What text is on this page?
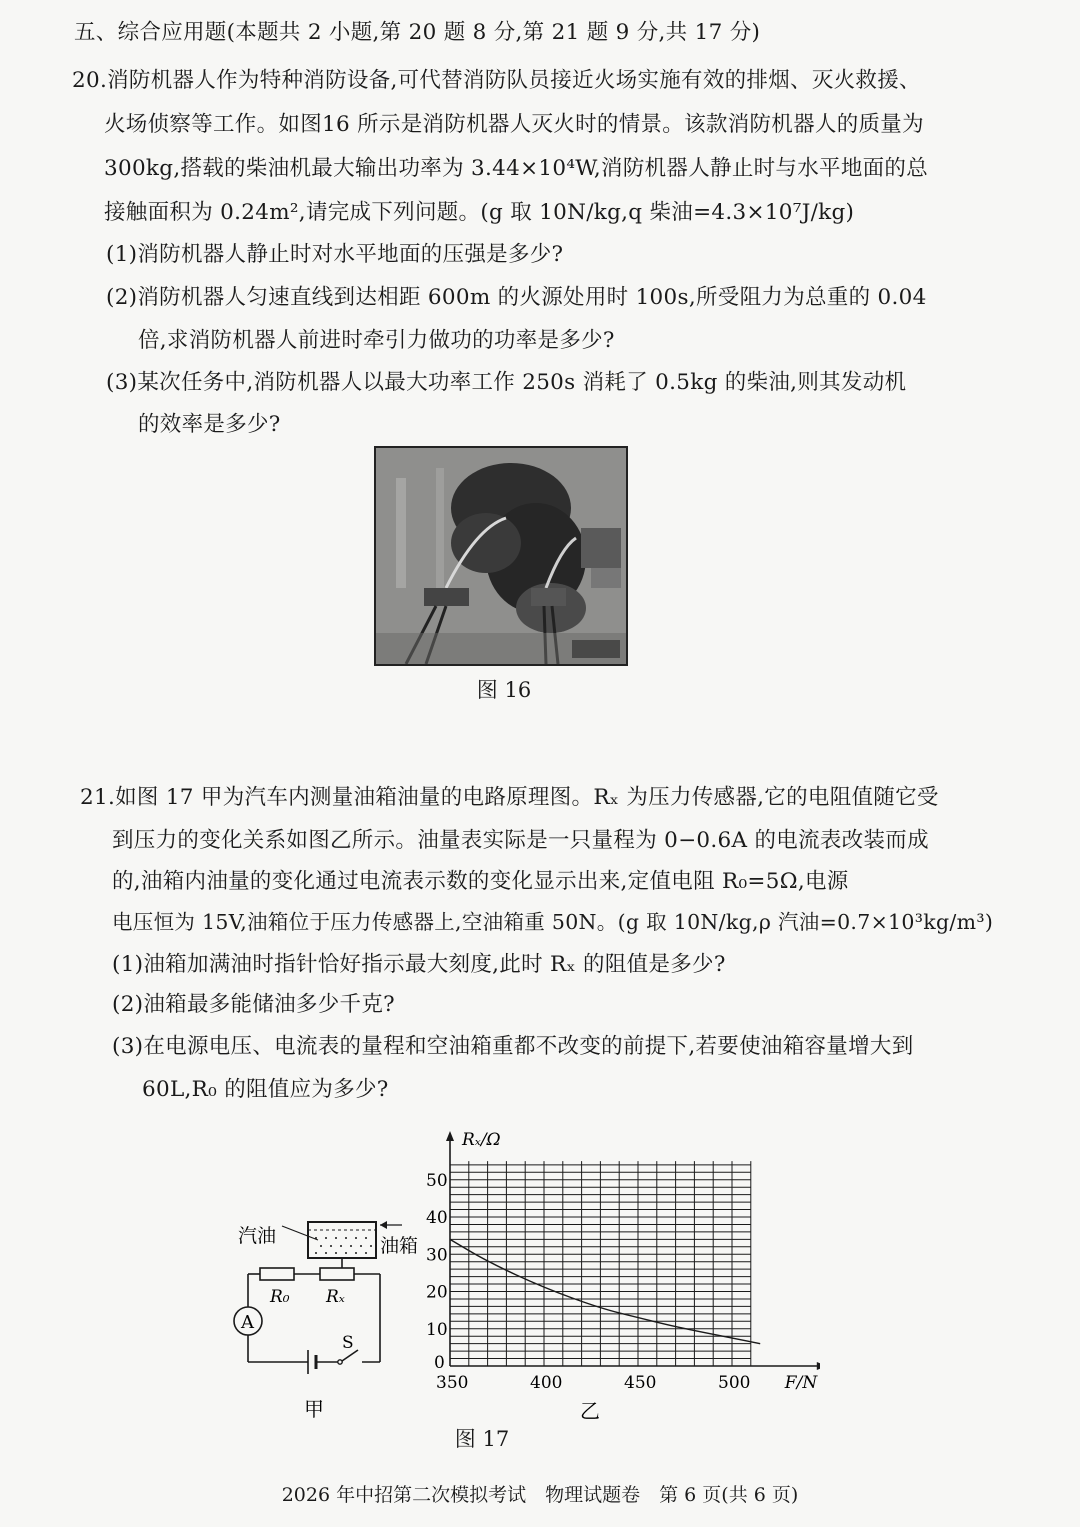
五、综合应用题(本题共 2 小题,第 20 题 8 分,第 21 题 9 分,共 17 分)
20.消防机器人作为特种消防设备,可代替消防队员接近火场实施有效的排烟、灭火救援、
火场侦察等工作。如图16 所示是消防机器人灭火时的情景。该款消防机器人的质量为
300kg,搭载的柴油机最大输出功率为 3.44×10⁴W,消防机器人静止时与水平地面的总
接触面积为 0.24m²,请完成下列问题。(g 取 10N/kg,q 柴油=4.3×10⁷J/kg)
(1)消防机器人静止时对水平地面的压强是多少?
(2)消防机器人匀速直线到达相距 600m 的火源处用时 100s,所受阻力为总重的 0.04
倍,求消防机器人前进时牵引力做功的功率是多少?
(3)某次任务中,消防机器人以最大功率工作 250s 消耗了 0.5kg 的柴油,则其发动机
的效率是多少?
图 16
21.如图 17 甲为汽车内测量油箱油量的电路原理图。Rₓ 为压力传感器,它的电阻值随它受
到压力的变化关系如图乙所示。油量表实际是一只量程为 0−0.6A 的电流表改装而成
的,油箱内油量的变化通过电流表示数的变化显示出来,定值电阻 R₀=5Ω,电源
电压恒为 15V,油箱位于压力传感器上,空油箱重 50N。(g 取 10N/kg,ρ 汽油=0.7×10³kg/m³)
(1)油箱加满油时指针恰好指示最大刻度,此时 Rₓ 的阻值是多少?
(2)油箱最多能储油多少千克?
(3)在电源电压、电流表的量程和空油箱重都不改变的前提下,若要使油箱容量增大到
60L,R₀ 的阻值应为多少?
汽油	油箱
A
R₀ Rₓ
S
甲
350	400	450	500
0
10
20
30
40
50
F/N
Rₓ/Ω
乙
图 17
2026 年中招第二次模拟考试　物理试题卷　第 6 页(共 6 页)
